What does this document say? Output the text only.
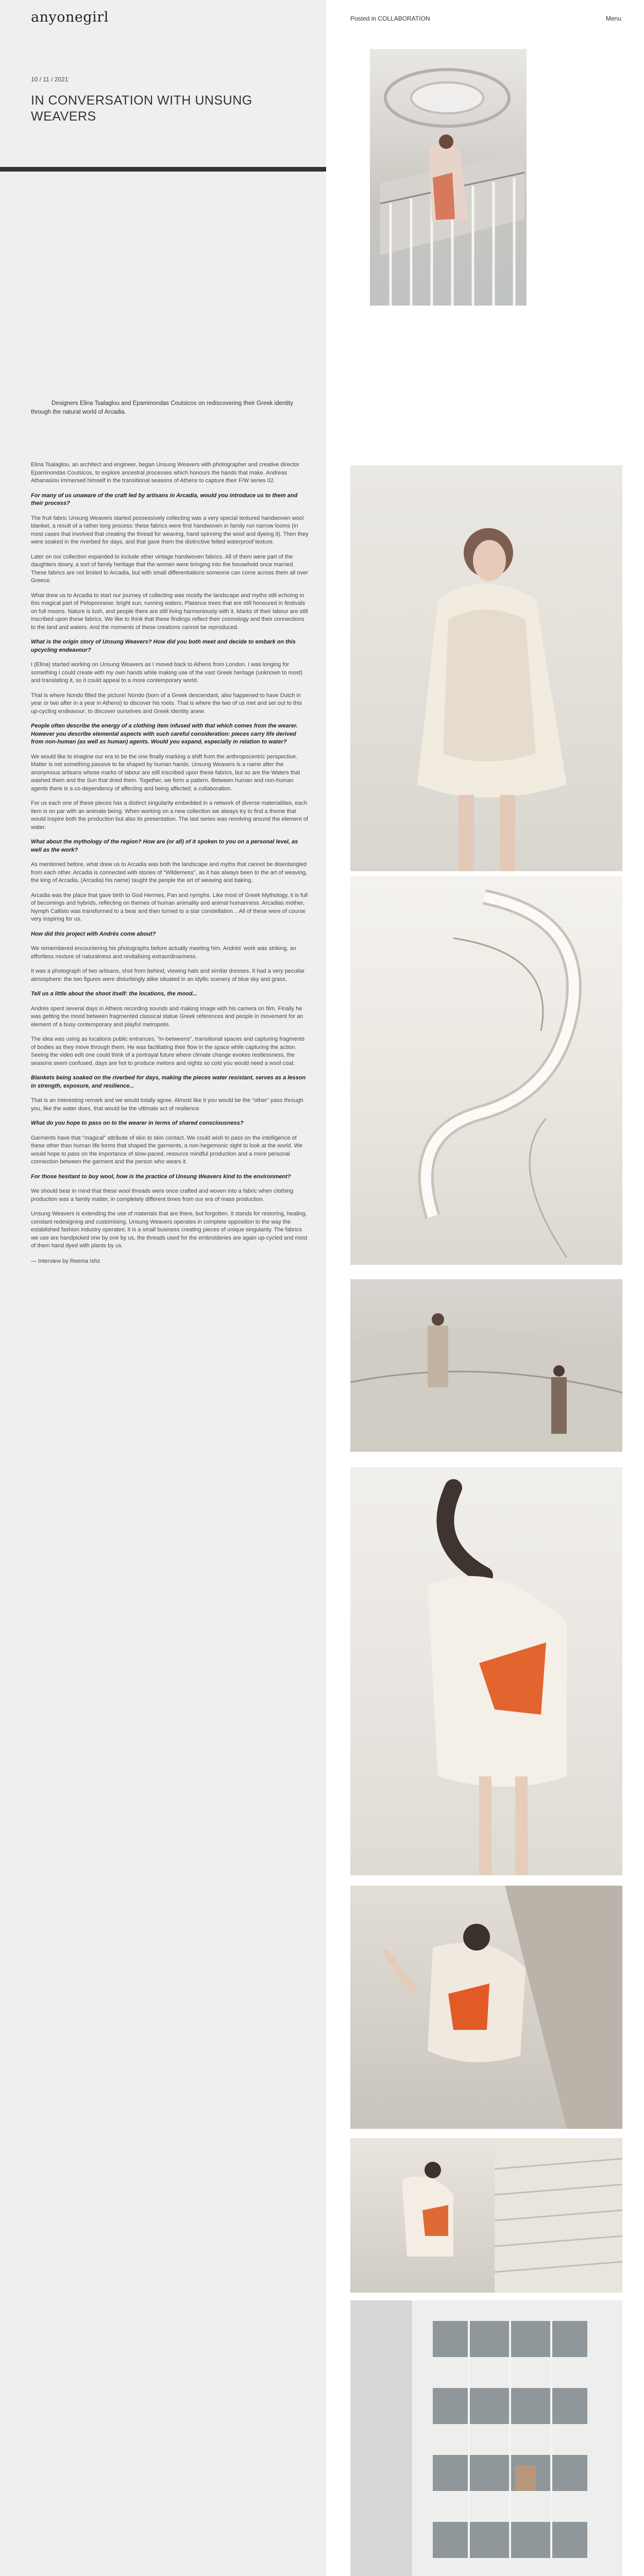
anyonegirl

10 / 11 / 2021

IN CONVERSATION WITH UNSUNG WEAVERS

Posted in COLLABORATION	Menu

Designers Elina Tsalaglou and Epaminondas Coutsicos on rediscovering their Greek identity through the natural world of Arcadia.

Elina Tsalaglou, an architect and engineer, began Unsung Weavers with photographer and creative director Epaminondas Coutsicos, to explore ancestral processes which honours the hands that make. Andreas Athanasiou immersed himself in the transitional seasons of Athens to capture their F/W series 02.

For many of us unaware of the craft led by artisans in Arcadia, would you introduce us to them and their process?

The fruit fabric Unsung Weavers started possessively collecting was a very special textured handwoven wool blanket, a result of a rather long process: these fabrics were first handwoven in family run narrow looms (in most cases that involved that creating the thread for weaving, hand spinning the wool and dyeing it). Then they were soaked in the riverbed for days, and that gave them the distinctive felted waterproof texture.

Later on our collection expanded to include other vintage handwoven fabrics. All of them were part of the daughters dowry, a sort of family heritage that the women were bringing into the household once married. These fabrics are not limited to Arcadia, but with small differentiations someone can come across them all over Greece.

What drew us to Arcadia to start our journey of collecting was mostly the landscape and myths still echoing in this magical part of Peloponnese: bright sun, running waters, Platanus trees that are still honoured in festivals on full moons. Nature is lush, and people there are still living harmoniously with it. Marks of their labour are still inscribed upon these fabrics. We like to think that these findings reflect their cosmology and their connections to the land and waters. And the moments of these creations cannot be reproduced.

What is the origin story of Unsung Weavers? How did you both meet and decide to embark on this upcycling endeavour?

I (Elina) started working on Unsung Weavers as I moved back to Athens from London. I was longing for something I could create with my own hands while making use of the vast Greek heritage (unknown to most) and translating it, so it could appeal to a more contemporary world.

That is where Nondo filled the picture! Nondo (born of a Greek descendant, also happened to have Dutch in year or two after in a year in Athens) to discover his roots. That is where the two of us met and set out to this up-cycling endeavour; to discover ourselves and Greek identity anew.

People often describe the energy of a clothing item infused with that which comes from the wearer. However you describe elemental aspects with such careful consideration: pieces carry life derived from non-human (as well as human) agents. Would you expand, especially in relation to water?

We would like to imagine our era to be the one finally marking a shift from the anthropocentric perspective. Matter is not something passive to be shaped by human hands. Unsung Weavers is a name after the anonymous artisans whose marks of labour are still inscribed upon these fabrics, but so are the Waters that washed them and the Sun that dried them. Together, we form a pattern. Between human and non-human agents there is a co-dependency of affecting and being affected; a collaboration.

For us each one of these pieces has a distinct singularity embedded in a network of diverse materialities, each item is on par with an animate being. When working on a new collection we always try to find a theme that would inspire both the production but also its presentation. The last series was revolving around the element of water.

What about the mythology of the region? How are (or all) of it spoken to you on a personal level, as well as the work?

As mentioned before, what drew us to Arcadia was both the landscape and myths that cannot be disentangled from each other. Arcadia is connected with stories of "Wilderness", as it has always been to the art of weaving, the king of Arcadia, (Arcadia) his name) taught the people the art of weaving and baking.

Arcadia was the place that gave birth to God Hermes, Pan and nymphs. Like most of Greek Mythology, it is full of becomings and hybrids, reflecting on themes of human animality and animal humanness. Arcadias mother, Nymph Callisto was transformed to a bear and then turned to a star constellation... All of these were of course very inspiring for us.

How did this project with Andrés come about?

We remembered encountering his photographs before actually meeting him. Andrés' work was striking, an effortless mixture of naturalness and revitalising extraordinariness.

It was a photograph of two artisans, shot from behind, viewing hats and similar dresses. It had a very peculiar atmosphere: the two figures were disturbingly alike situated in an idyllic scenery of blue sky and grass.

Tell us a little about the shoot itself: the locations, the mood...

Andrés spent several days in Athens recording sounds and making image with his camera on film. Finally he was getting the mood between fragmented classical statue Greek references and people in movement for an element of a busy contemporary and playful metropolis.

The idea was using as locations public entrances, "in-betweens", transitional spaces and capturing fragments of bodies as they move through them. He was facilitating their flow in the space while capturing the action. Seeing the video edit one could think of a portrayal future where climate change evokes restlessness, the seasons seem confused, days are hot to produce melons and nights so cold you would need a wool coat.

Blankets being soaked on the riverbed for days, making the pieces water resistant, serves as a lesson in strength, exposure, and resilience...

That is an interesting remark and we would totally agree. Almost like it you would be the "other" pass through you, like the water does, that would be the ultimate act of resilience.

What do you hope to pass on to the wearer in terms of shared consciousness?

Garments have that "magical" attribute of skin to skin contact. We could wish to pass on the intelligence of these other than human life forms that shaped the garments, a non-hegemonic sight to look at the world. We would hope to pass on the importance of slow-paced, resource mindful production and a more personal connection between the garment and the person who wears it.

For those hesitant to buy wool, how is the practice of Unsung Weavers kind to the environment?

We should bear in mind that these wool threads were once crafted and woven into a fabric when clothing production was a family matter, in completely different times from our era of mass production.

Unsung Weavers is extending the use of materials that are there, but forgotten. It stands for restoring, healing, constant redesigning and customising. Unsung Weavers operates in complete opposition to the way the established fashion industry operates; it is a small business creating pieces of unique singularity. The fabrics we use are handpicked one by one by us, the threads used for the embroideries are again up-cycled and most of them hand dyed with plants by us.

— Interview by Reema Ishz
